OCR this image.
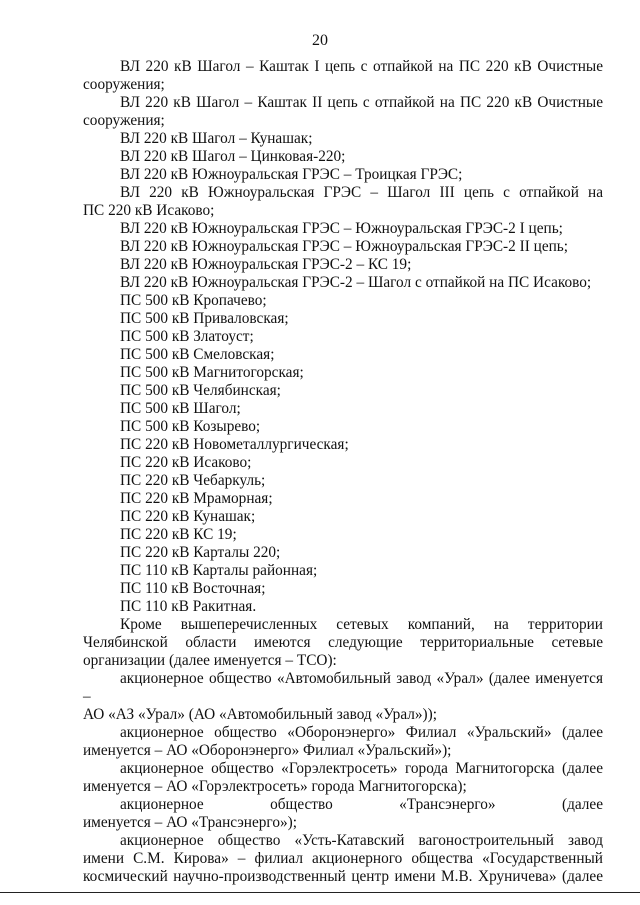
20

ВЛ 220 кВ Шагол – Каштак I цепь с отпайкой на ПС 220 кВ Очистные

сооружения;

ВЛ 220 кВ Шагол – Каштак II цепь с отпайкой на ПС 220 кВ Очистные

сооружения;

ВЛ 220 кВ Шагол – Кунашак;

ВЛ 220 кВ Шагол – Цинковая-220;

ВЛ 220 кВ Южноуральская ГРЭС – Троицкая ГРЭС;

ВЛ 220 кВ Южноуральская ГРЭС – Шагол III цепь с отпайкой на

ПС 220 кВ Исаково;

ВЛ 220 кВ Южноуральская ГРЭС – Южноуральская ГРЭС-2 I цепь;

ВЛ 220 кВ Южноуральская ГРЭС – Южноуральская ГРЭС-2 II цепь;

ВЛ 220 кВ Южноуральская ГРЭС-2 – КС 19;

ВЛ 220 кВ Южноуральская ГРЭС-2 – Шагол с отпайкой на ПС Исаково;

ПС 500 кВ Кропачево;

ПС 500 кВ Приваловская;

ПС 500 кВ Златоуст;

ПС 500 кВ Смеловская;

ПС 500 кВ Магнитогорская;

ПС 500 кВ Челябинская;

ПС 500 кВ Шагол;

ПС 500 кВ Козырево;

ПС 220 кВ Новометаллургическая;

ПС 220 кВ Исаково;

ПС 220 кВ Чебаркуль;

ПС 220 кВ Мраморная;

ПС 220 кВ Кунашак;

ПС 220 кВ КС 19;

ПС 220 кВ Карталы 220;

ПС 110 кВ Карталы районная;

ПС 110 кВ Восточная;

ПС 110 кВ Ракитная.

Кроме вышеперечисленных сетевых компаний, на территории

Челябинской области имеются следующие территориальные сетевые

организации (далее именуется – ТСО):

акционерное общество «Автомобильный завод «Урал» (далее именуется –

АО «АЗ «Урал» (АО «Автомобильный завод «Урал»));

акционерное общество «Оборонэнерго» Филиал «Уральский» (далее

именуется – АО «Оборонэнерго» Филиал «Уральский»);

акционерное общество «Горэлектросеть» города Магнитогорска (далее

именуется – АО «Горэлектросеть» города Магнитогорска);

акционерное общество «Трансэнерго» (далее

именуется – АО «Трансэнерго»);

акционерное общество «Усть-Катавский вагоностроительный завод

имени С.М. Кирова» – филиал акционерного общества «Государственный

космический научно-производственный центр имени М.В. Хруничева» (далее
